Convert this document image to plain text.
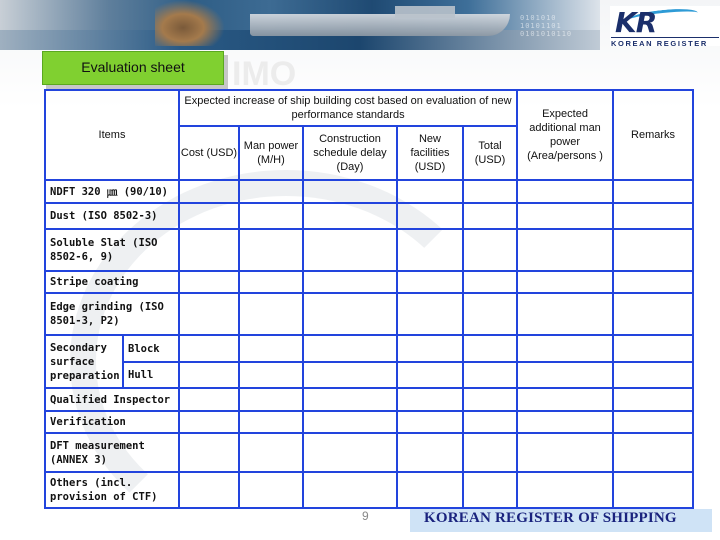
0101010
10101101
0101010110 KR
KOREAN REGISTER
IMO
Evaluation sheet
Items		Expected increase of ship building cost based on evaluation of new performance standards					Expected additional man power (Area/persons )	Remarks
		Cost (USD)	Man power (M/H)	Construction schedule delay (Day)	New facilities (USD)	Total (USD)		
NDFT 320 ㎛ (90/10)								
Dust (ISO 8502-3)								
Soluble Slat (ISO 8502-6, 9)								
Stripe coating								
Edge grinding (ISO 8501-3, P2)								
Secondary surface preparation	Block							
	Hull							
Qualified Inspector								
Verification								
DFT measurement (ANNEX 3)								
Others (incl. provision of CTF)								
9	KOREAN REGISTER OF SHIPPING
